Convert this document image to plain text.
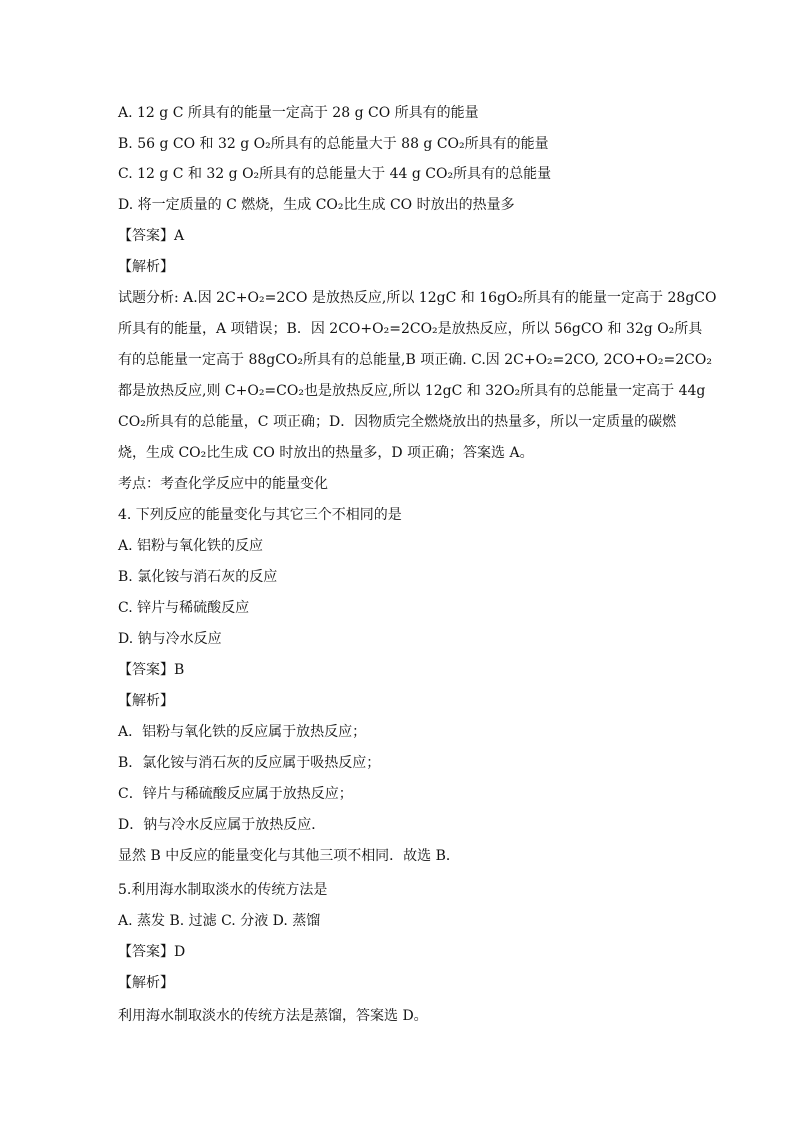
A. 12 g C 所具有的能量一定高于 28 g CO 所具有的能量
B. 56 g CO 和 32 g O₂所具有的总能量大于 88 g CO₂所具有的能量
C. 12 g C 和 32 g O₂所具有的总能量大于 44 g CO₂所具有的总能量
D. 将一定质量的 C 燃烧，生成 CO₂比生成 CO 时放出的热量多
【答案】A
【解析】
试题分析: A.因 2C+O₂=2CO 是放热反应,所以 12gC 和 16gO₂所具有的能量一定高于 28gCO
所具有的能量，A 项错误；B．因 2CO+O₂=2CO₂是放热反应，所以 56gCO 和 32g O₂所具
有的总能量一定高于 88gCO₂所具有的总能量,B 项正确. C.因 2C+O₂=2CO, 2CO+O₂=2CO₂
都是放热反应,则 C+O₂=CO₂也是放热反应,所以 12gC 和 32O₂所具有的总能量一定高于 44g
CO₂所具有的总能量，C 项正确；D．因物质完全燃烧放出的热量多，所以一定质量的碳燃
烧，生成 CO₂比生成 CO 时放出的热量多，D 项正确；答案选 A。
考点：考查化学反应中的能量变化
4. 下列反应的能量变化与其它三个不相同的是
A. 铝粉与氧化铁的反应
B. 氯化铵与消石灰的反应
C. 锌片与稀硫酸反应
D. 钠与冷水反应
【答案】B
【解析】
A．铝粉与氧化铁的反应属于放热反应；
B．氯化铵与消石灰的反应属于吸热反应；
C．锌片与稀硫酸反应属于放热反应；
D．钠与冷水反应属于放热反应．
显然 B 中反应的能量变化与其他三项不相同．故选 B．
5.利用海水制取淡水的传统方法是
A. 蒸发 B. 过滤 C. 分液 D. 蒸馏
【答案】D
【解析】
利用海水制取淡水的传统方法是蒸馏，答案选 D。
